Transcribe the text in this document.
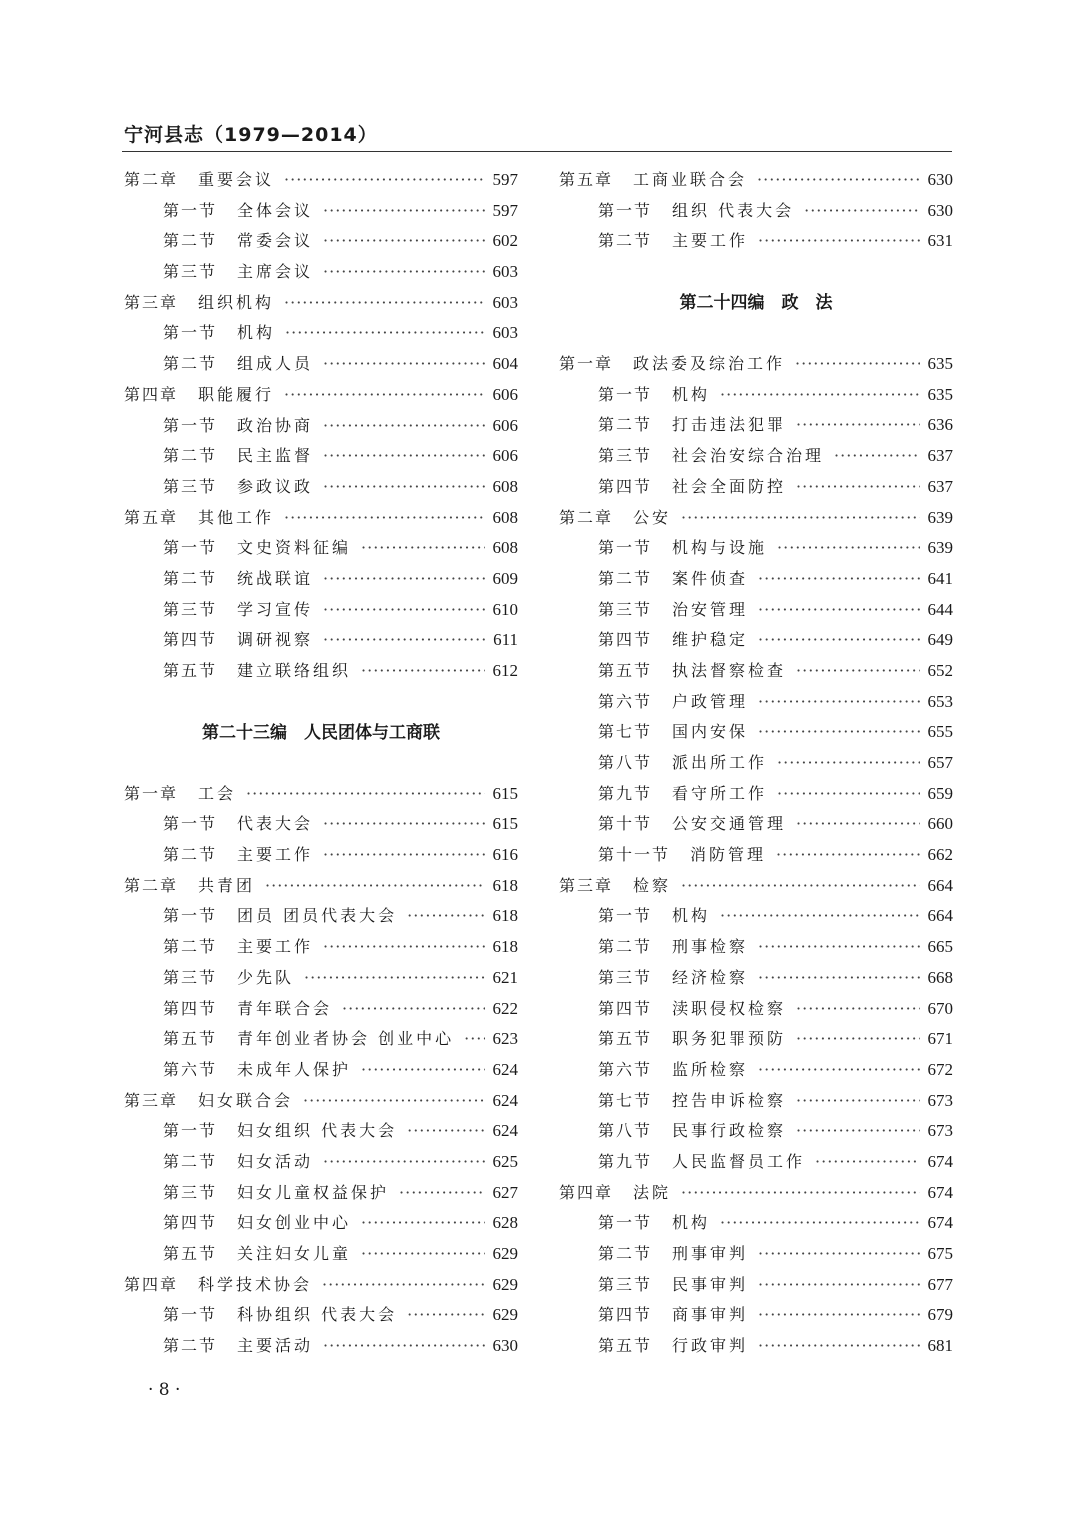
宁河县志（1979—2014）
第二章 重要会议 ·····	597
第一节 全体会议 ·····	597
第二节 常委会议 ·····	602
第三节 主席会议 ·····	603
第三章 组织机构 ·····	603
第一节 机构 ·····	603
第二节 组成人员 ·····	604
第四章 职能履行 ·····	606
第一节 政治协商 ·····	606
第二节 民主监督 ·····	606
第三节 参政议政 ·····	608
第五章 其他工作 ·····	608
第一节 文史资料征编 ·····	608
第二节 统战联谊 ·····	609
第三节 学习宣传 ·····	610
第四节 调研视察 ·····	611
第五节 建立联络组织 ·····	612
第二十三编　人民团体与工商联
第一章 工会 ·····	615
第一节 代表大会 ·····	615
第二节 主要工作 ·····	616
第二章 共青团 ·····	618
第一节 团员 团员代表大会 ·····	618
第二节 主要工作 ·····	618
第三节 少先队 ·····	621
第四节 青年联合会 ·····	622
第五节 青年创业者协会 创业中心 ····· 623
第六节 未成年人保护 ·····	624
第三章 妇女联合会 ·····	624
第一节 妇女组织 代表大会 ·····	624
第二节 妇女活动 ·····	625
第三节 妇女儿童权益保护 ·····	627
第四节 妇女创业中心 ·····	628
第五节 关注妇女儿童 ·····	629
第四章 科学技术协会 ·····	629
第一节 科协组织 代表大会 ·····	629
第二节 主要活动 ·····	630
第五章 工商业联合会 ·····	630
第一节 组织 代表大会 ·····	630
第二节 主要工作 ·····	631
第二十四编　政　法
第一章 政法委及综治工作 ·····	635
第一节 机构 ·····	635
第二节 打击违法犯罪 ·····	636
第三节 社会治安综合治理 ·····	637
第四节 社会全面防控 ·····	637
第二章 公安 ·····	639
第一节 机构与设施 ·····	639
第二节 案件侦查 ·····	641
第三节 治安管理 ·····	644
第四节 维护稳定 ·····	649
第五节 执法督察检查 ·····	652
第六节 户政管理 ·····	653
第七节 国内安保 ·····	655
第八节 派出所工作 ·····	657
第九节 看守所工作 ·····	659
第十节 公安交通管理 ·····	660
第十一节 消防管理 ·····	662
第三章 检察 ·····	664
第一节 机构 ·····	664
第二节 刑事检察 ·····	665
第三节 经济检察 ·····	668
第四节 渎职侵权检察 ·····	670
第五节 职务犯罪预防 ·····	671
第六节 监所检察 ·····	672
第七节 控告申诉检察 ·····	673
第八节 民事行政检察 ·····	673
第九节 人民监督员工作 ·····	674
第四章 法院 ·····	674
第一节 机构 ·····	674
第二节 刑事审判 ·····	675
第三节 民事审判 ·····	677
第四节 商事审判 ·····	679
第五节 行政审判 ·····	681
· 8 ·
